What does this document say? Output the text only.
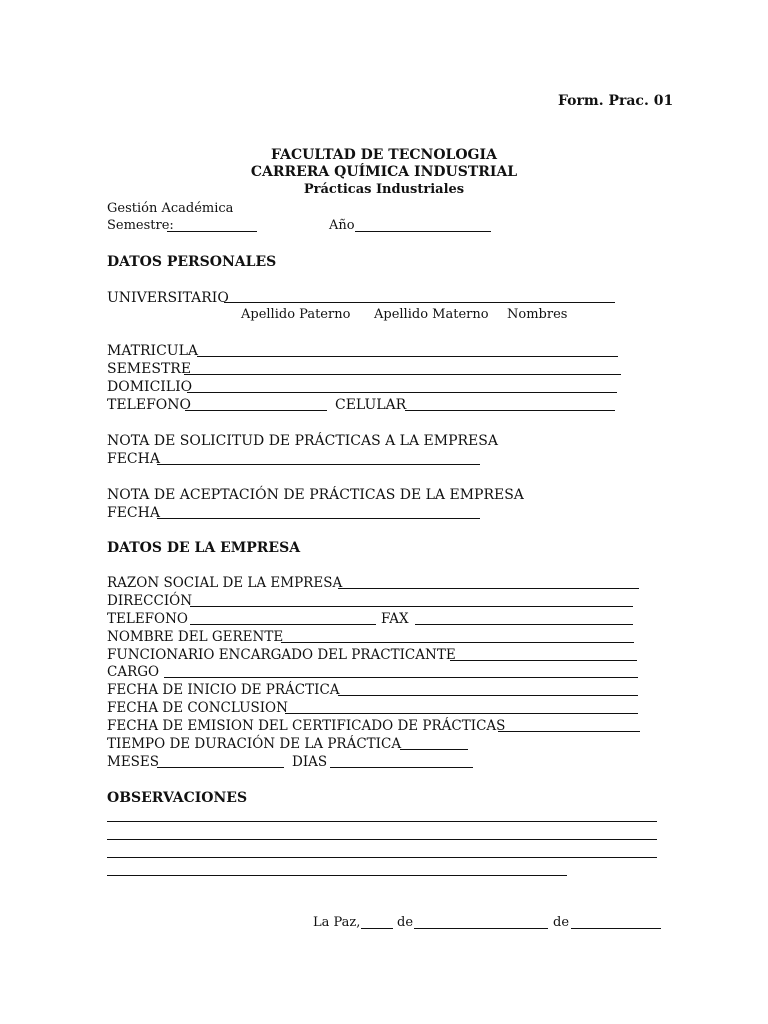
Form. Prac. 01

FACULTAD DE TECNOLOGIA

CARRERA QUÍMICA INDUSTRIAL

Prácticas Industriales

Gestión Académica

Semestre:	Año

DATOS PERSONALES

UNIVERSITARIO

Apellido Paterno Apellido Materno Nombres

MATRICULA

SEMESTRE

DOMICILIO

TELEFONO	CELULAR

NOTA DE SOLICITUD DE PRÁCTICAS A LA EMPRESA

FECHA

NOTA DE ACEPTACIÓN DE PRÁCTICAS DE LA EMPRESA

FECHA

DATOS DE LA EMPRESA

RAZON SOCIAL DE LA EMPRESA

DIRECCIÓN

TELEFONO	FAX

NOMBRE DEL GERENTE

FUNCIONARIO ENCARGADO DEL PRACTICANTE

CARGO

FECHA DE INICIO DE PRÁCTICA

FECHA DE CONCLUSION

FECHA DE EMISION DEL CERTIFICADO DE PRÁCTICAS

TIEMPO DE DURACIÓN DE LA PRÁCTICA

MESES	DIAS

OBSERVACIONES

La Paz,	de	de
